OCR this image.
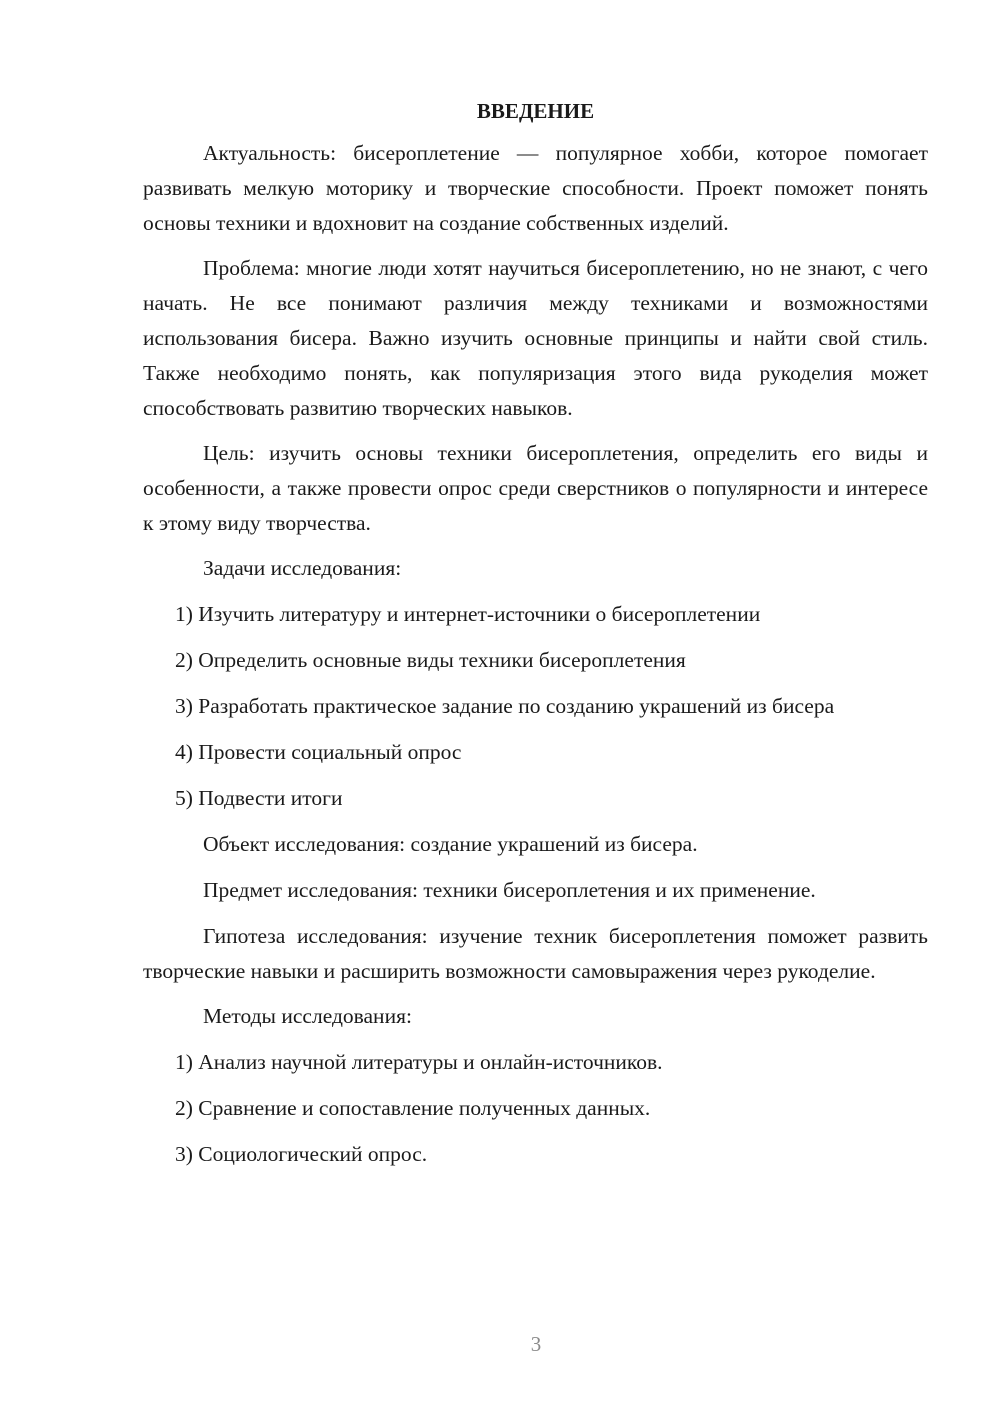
ВВЕДЕНИЕ
Актуальность: бисероплетение — популярное хобби, которое помогает развивать мелкую моторику и творческие способности. Проект поможет понять основы техники и вдохновит на создание собственных изделий.
Проблема: многие люди хотят научиться бисероплетению, но не знают, с чего начать. Не все понимают различия между техниками и возможностями использования бисера. Важно изучить основные принципы и найти свой стиль. Также необходимо понять, как популяризация этого вида рукоделия может способствовать развитию творческих навыков.
Цель: изучить основы техники бисероплетения, определить его виды и особенности, а также провести опрос среди сверстников о популярности и интересе к этому виду творчества.
Задачи исследования:
1) Изучить литературу и интернет-источники о бисероплетении
2) Определить основные виды техники бисероплетения
3) Разработать практическое задание по созданию украшений из бисера
4) Провести социальный опрос
5) Подвести итоги
Объект исследования: создание украшений из бисера.
Предмет исследования: техники бисероплетения и их применение.
Гипотеза исследования: изучение техник бисероплетения поможет развить творческие навыки и расширить возможности самовыражения через рукоделие.
Методы исследования:
1) Анализ научной литературы и онлайн-источников.
2) Сравнение и сопоставление полученных данных.
3) Социологический опрос.
3
